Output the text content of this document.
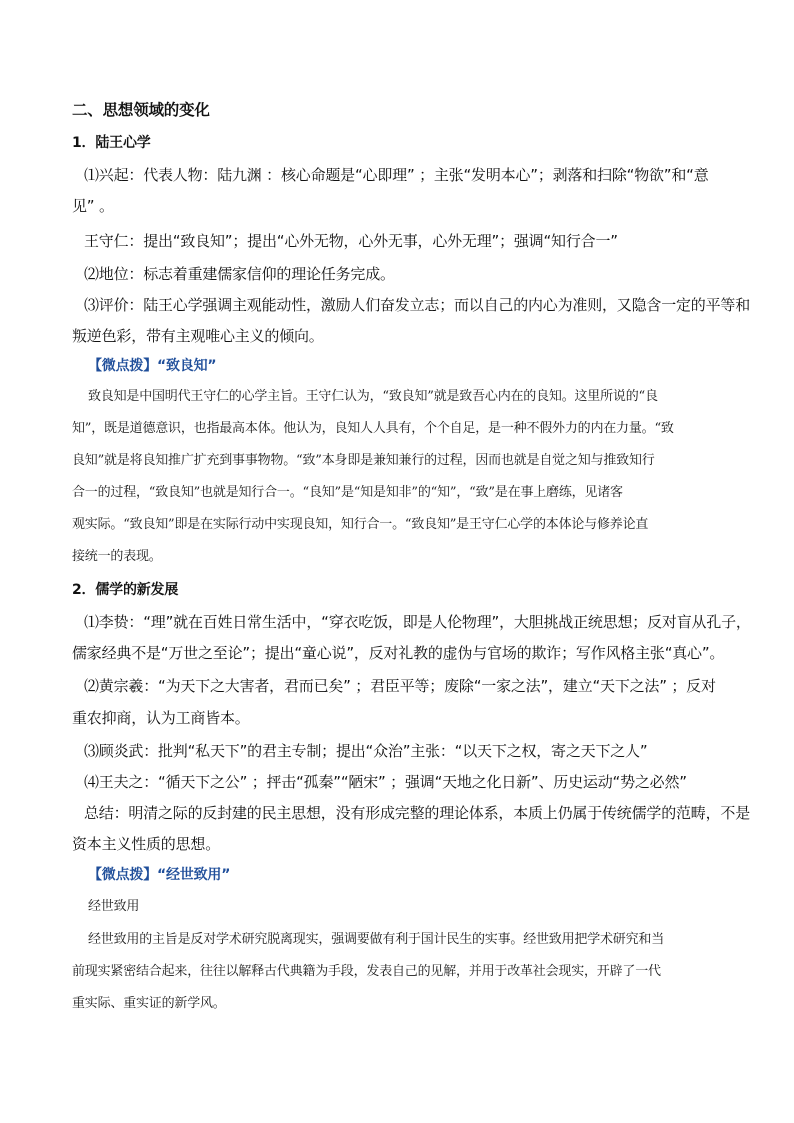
二、思想领域的变化
1．陆王心学
⑴兴起：代表人物：陆九渊 ：核心命题是“心即理” ；主张“发明本心”；剥落和扫除“物欲”和“意
见” 。
王守仁：提出“致良知”；提出“心外无物，心外无事，心外无理”；强调“知行合一”
⑵地位：标志着重建儒家信仰的理论任务完成。
⑶评价：陆王心学强调主观能动性，激励人们奋发立志；而以自己的内心为准则，又隐含一定的平等和
叛逆色彩，带有主观唯心主义的倾向。
【微点拨】“致良知”
致良知是中国明代王守仁的心学主旨。王守仁认为，“致良知”就是致吾心内在的良知。这里所说的“良
知”，既是道德意识，也指最高本体。他认为，良知人人具有，个个自足，是一种不假外力的内在力量。“致
良知”就是将良知推广扩充到事事物物。“致”本身即是兼知兼行的过程，因而也就是自觉之知与推致知行
合一的过程，“致良知”也就是知行合一。“良知”是“知是知非”的“知”，“致”是在事上磨练，见诸客
观实际。“致良知”即是在实际行动中实现良知，知行合一。“致良知”是王守仁心学的本体论与修养论直
接统一的表现。
2．儒学的新发展
⑴李贽：“理”就在百姓日常生活中，“穿衣吃饭，即是人伦物理”，大胆挑战正统思想；反对盲从孔子，
儒家经典不是“万世之至论”；提出“童心说”，反对礼教的虚伪与官场的欺诈；写作风格主张“真心”。
⑵黄宗羲：“为天下之大害者，君而已矣” ；君臣平等；废除“一家之法”，建立“天下之法” ；反对
重农抑商，认为工商皆本。
⑶顾炎武：批判“私天下”的君主专制；提出“众治”主张：“以天下之权，寄之天下之人”
⑷王夫之：“循天下之公” ；抨击“孤秦”“陋宋” ；强调“天地之化日新”、历史运动“势之必然”
总结：明清之际的反封建的民主思想，没有形成完整的理论体系，本质上仍属于传统儒学的范畴，不是
资本主义性质的思想。
【微点拨】“经世致用”
经世致用
经世致用的主旨是反对学术研究脱离现实，强调要做有利于国计民生的实事。经世致用把学术研究和当
前现实紧密结合起来，往往以解释古代典籍为手段，发表自己的见解，并用于改革社会现实，开辟了一代
重实际、重实证的新学风。
